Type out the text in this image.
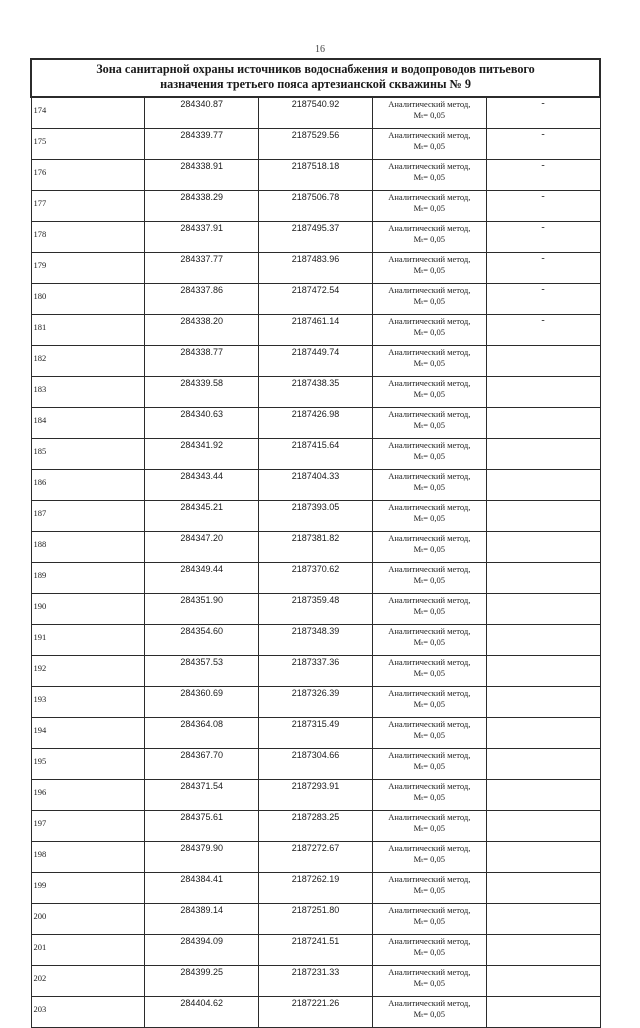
16
Зона санитарной охраны источников водоснабжения и водопроводов питьевого
назначения третьего пояса артезианской скважины № 9				

174	284340.87	2187540.92	Аналитический метод,
Mₜ= 0,05	-
175	284339.77	2187529.56	Аналитический метод,
Mₜ= 0,05	-
176	284338.91	2187518.18	Аналитический метод,
Mₜ= 0,05	-
177	284338.29	2187506.78	Аналитический метод,
Mₜ= 0,05	-
178	284337.91	2187495.37	Аналитический метод,
Mₜ= 0,05	-
179	284337.77	2187483.96	Аналитический метод,
Mₜ= 0,05	-
180	284337.86	2187472.54	Аналитический метод,
Mₜ= 0,05	-
181	284338.20	2187461.14	Аналитический метод,
Mₜ= 0,05	-
182	284338.77	2187449.74	Аналитический метод,
Mₜ= 0,05	

183	284339.58	2187438.35	Аналитический метод,
Mₜ= 0,05	

184	284340.63	2187426.98	Аналитический метод,
Mₜ= 0,05	

185	284341.92	2187415.64	Аналитический метод,
Mₜ= 0,05	

186	284343.44	2187404.33	Аналитический метод,
Mₜ= 0,05	

187	284345.21	2187393.05	Аналитический метод,
Mₜ= 0,05	

188	284347.20	2187381.82	Аналитический метод,
Mₜ= 0,05	

189	284349.44	2187370.62	Аналитический метод,
Mₜ= 0,05	

190	284351.90	2187359.48	Аналитический метод,
Mₜ= 0,05	

191	284354.60	2187348.39	Аналитический метод,
Mₜ= 0,05	

192	284357.53	2187337.36	Аналитический метод,
Mₜ= 0,05	

193	284360.69	2187326.39	Аналитический метод,
Mₜ= 0,05	

194	284364.08	2187315.49	Аналитический метод,
Mₜ= 0,05	

195	284367.70	2187304.66	Аналитический метод,
Mₜ= 0,05	

196	284371.54	2187293.91	Аналитический метод,
Mₜ= 0,05	

197	284375.61	2187283.25	Аналитический метод,
Mₜ= 0,05	

198	284379.90	2187272.67	Аналитический метод,
Mₜ= 0,05	

199	284384.41	2187262.19	Аналитический метод,
Mₜ= 0,05	

200	284389.14	2187251.80	Аналитический метод,
Mₜ= 0,05	

201	284394.09	2187241.51	Аналитический метод,
Mₜ= 0,05	

202	284399.25	2187231.33	Аналитический метод,
Mₜ= 0,05	

203	284404.62	2187221.26	Аналитический метод,
Mₜ= 0,05	
